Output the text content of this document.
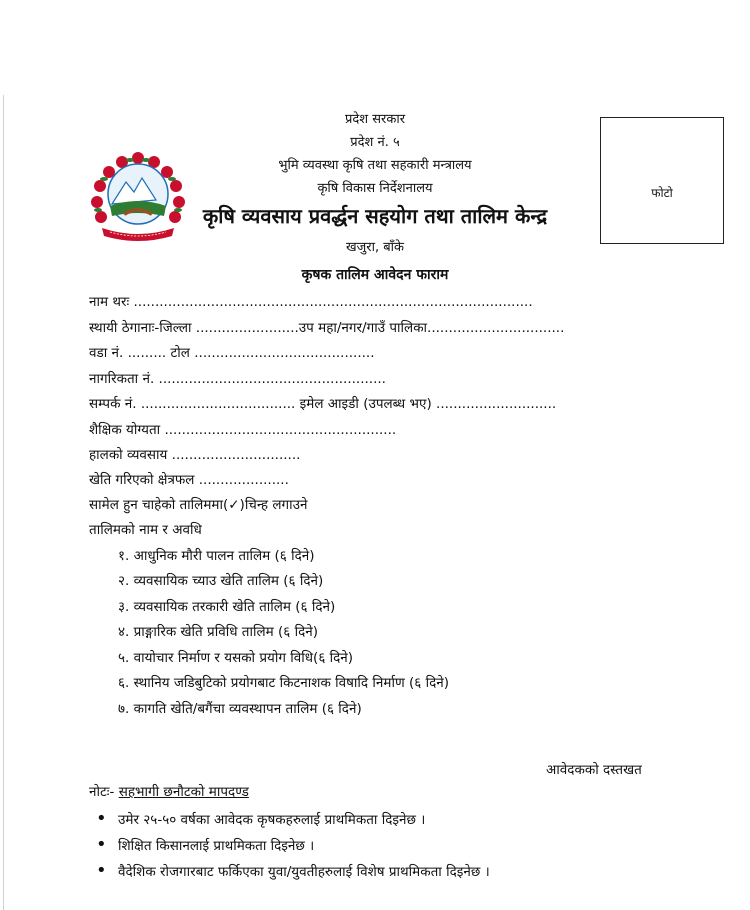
प्रदेश सरकार
प्रदेश नं. ५
भुमि व्यवस्था कृषि तथा सहकारी मन्त्रालय
कृषि विकास निर्देशनालय
कृषि व्यवसाय प्रवर्द्धन सहयोग तथा तालिम केन्द्र
खजुरा, बाँके
फोटो
कृषक तालिम आवेदन फाराम
नाम थरः .............................................................................................
स्थायी ठेगानाः-जिल्ला ........................उप महा/नगर/गाउँ पालिका................................
वडा नं. ......... टोल ..........................................
नागरिकता नं. .....................................................
सम्पर्क नं. .................................... इमेल आइडी (उपलब्ध भए) ............................
शैक्षिक योग्यता ......................................................
हालको व्यवसाय ..............................
खेति गरिएको क्षेत्रफल .....................
सामेल हुन चाहेको तालिममा(✓)चिन्ह लगाउने
तालिमको नाम र अवधि
१. आधुनिक मौरी पालन तालिम (६ दिने)
२. व्यवसायिक च्याउ खेति तालिम (६ दिने)
३. व्यवसायिक तरकारी खेति तालिम (६ दिने)
४. प्राङ्गारिक खेति प्रविधि तालिम (६ दिने)
५. वायोचार निर्माण र यसको प्रयोग विधि(६ दिने)
६. स्थानिय जडिबुटिको प्रयोगबाट किटनाशक विषादि निर्माण (६ दिने)
७. कागति खेति/बगैंचा व्यवस्थापन तालिम (६ दिने)
आवेदकको दस्तखत
नोटः- सहभागी छनौटको मापदण्ड
• उमेर २५-५० वर्षका आवेदक कृषकहरुलाई प्राथमिकता दिइनेछ ।
• शिक्षित किसानलाई प्राथमिकता दिइनेछ ।
• वैदेशिक रोजगारबाट फर्किएका युवा/युवतीहरुलाई विशेष प्राथमिकता दिइनेछ ।
